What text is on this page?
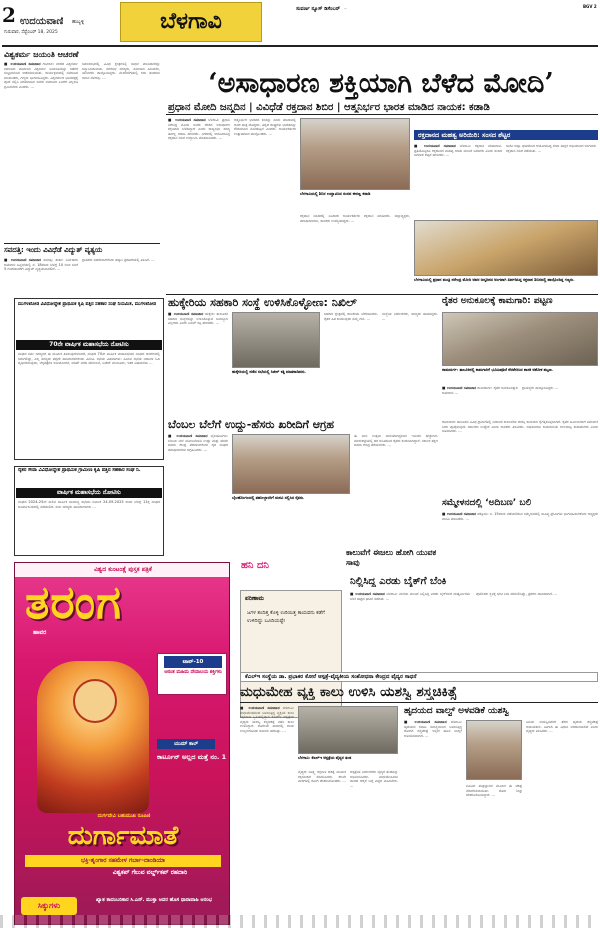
2 ಉದಯವಾಣಿ ಹುಬ್ಬಳ್ಳಿ
ಗುರುವಾರ, ಸೆಪ್ಟೆಂಬರ್ 18, 2025	ಬೆಳಗಾವಿ	ಸುವರ್ಣ ನ್ಯೂಸ್ ಡಿಸೆಂಬರ್ ...	BGV 2
ವಿಶ್ವಕರ್ಮ ಜಯಂತಿ ಆಚರಣೆ
■ ಉದಯವಾಣಿ ಸಮಾಚಾರ ಗೋಕಾಕ: ನಗರದ ವಿಶ್ವಕರ್ಮ ಸಮಾಜದ ವತಿಯಿಂದ ವಿಶ್ವಕರ್ಮ ಜಯಂತಿಯನ್ನು ಸಡಗರ ಸಂಭ್ರಮದಿಂದ ಆಚರಿಸಲಾಯಿತು. ಕಾರ್ಯಕ್ರಮದಲ್ಲಿ ಸಮಾಜದ ಮುಖಂಡರು, ಗಣ್ಯರು ಭಾಗವಹಿಸಿದ್ದರು. ವಿಶ್ವಕರ್ಮರ ಭಾವಚಿತ್ರಕ್ಕೆ ಪೂಜೆ ಸಲ್ಲಿಸಿ ಮಾತನಾಡಿದ ಅವರು ಸಮಾಜದ ಏಳಿಗೆಗೆ ಎಲ್ಲರೂ ಶ್ರಮಿಸಬೇಕು ಎಂದರು. ...
ಸಮಾರಂಭದಲ್ಲಿ ವಿವಿಧ ಕ್ಷೇತ್ರಗಳಲ್ಲಿ ಸಾಧನೆ ಮಾಡಿದವರನ್ನು ಸನ್ಮಾನಿಸಲಾಯಿತು. ನಗರಸಭೆ ಸದಸ್ಯರು, ಸಮಾಜದ ಹಿರಿಯರು, ಯುವಕರು ಪಾಲ್ಗೊಂಡಿದ್ದರು. ಮೆರವಣಿಗೆಯಲ್ಲಿ ಕಲಾ ತಂಡಗಳು ಗಮನ ಸೆಳೆದವು. ...
ಸವದತ್ತಿ: ಇಂದು ವಿವಿಧೆಡೆ ವಿದ್ಯುತ್ ವ್ಯತ್ಯಯ
■ ಉದಯವಾಣಿ ಸಮಾಚಾರ ಸವದತ್ತಿ: ತುರ್ತು ನಿರ್ವಹಣಾ ಕಾಮಗಾರಿ ಹಿನ್ನೆಲೆಯಲ್ಲಿ ಸೆ. 18ರಂದು ಬೆಳಗ್ಗೆ 10 ರಿಂದ ಸಂಜೆ 5 ಗಂಟೆಯವರೆಗೆ ವಿದ್ಯುತ್ ವ್ಯತ್ಯಯವಾಗಲಿದೆ. ...
ಗ್ರಾಹಕರು ಸಹಕರಿಸಬೇಕೆಂದು ಹೆಸ್ಕಾಂ ಪ್ರಕಟಣೆಯಲ್ಲಿ ತಿಳಿಸಿದೆ. ...
ಮುಗಳಖೋಡ ವಿವಿಧೋದ್ದೇಶ ಪ್ರಾಥಮಿಕ ಕೃಷಿ ಪತ್ತಿನ ಸಹಕಾರ ಸಂಘ ನಿಯಮಿತ, ಮುಗಳಖೋಡ
70ನೇ ವಾರ್ಷಿಕ ಮಹಾಸಭೆಯ ನೋಟಿಸು
ಸಂಘದ ಸರ್ವ ಸದಸ್ಯರಿಗೆ ಈ ಮೂಲಕ ತಿಳಿಸುವುದೇನೆಂದರೆ, ಸಂಘದ 70ನೇ ವಾರ್ಷಿಕ ಮಹಾಸಭೆಯು ಸಂಘದ ಆವರಣದಲ್ಲಿ ಜರುಗಲಿದ್ದು, ಎಲ್ಲ ಸದಸ್ಯರು ತಪ್ಪದೇ ಹಾಜರಾಗಬೇಕೆಂದು ವಿನಂತಿ. ಸಭೆಯ ವಿಷಯಗಳು: ಹಿಂದಿನ ಸಭೆಯ ನಡಾವಳಿ ಓದಿ ದೃಢೀಕರಿಸುವುದು, ಲೆಕ್ಕಪತ್ರಗಳ ಅನುಮೋದನೆ, ಆಡಿಟ್ ವರದಿ ಪರಿಶೀಲನೆ, ಬಜೆಟ್ ಮಂಜೂರು, ಇತರ ವಿಷಯಗಳು ...
ರೈತರ ಸೇವಾ ವಿವಿಧೋದ್ದೇಶ ಪ್ರಾಥಮಿಕ ಗ್ರಾಮೀಣ ಕೃಷಿ ಪತ್ತಿನ ಸಹಕಾರ ಸಂಘ ನಿ.
ವಾರ್ಷಿಕ ಮಹಾಸಭೆಯ ನೋಟಿಸು
ಸಂಘದ 2024-25ನೇ ಸಾಲಿನ ವಾರ್ಷಿಕ ಸಾಮಾನ್ಯ ಸಭೆಯು ದಿನಾಂಕ 24.09.2025 ರಂದು ಬೆಳಗ್ಗೆ 11ಕ್ಕೆ ಸಂಘದ ಕಾರ್ಯಾಲಯದಲ್ಲಿ ನಡೆಯಲಿದೆ. ಸರ್ವ ಸದಸ್ಯರು ಹಾಜರಾಗಬೇಕು ...
‘ಅಸಾಧಾರಣ ಶಕ್ತಿಯಾಗಿ ಬೆಳೆದ ಮೋದಿ’
ಪ್ರಧಾನ ಮೋದಿ ಜನ್ಮದಿನ | ವಿವಿಧೆಡೆ ರಕ್ತದಾನ ಶಿಬಿರ | ಆತ್ಮನಿರ್ಭರ ಭಾರತ ಮಾಡಿದ ನಾಯಕ: ಕಡಾಡಿ
■ ಉದಯವಾಣಿ ಸಮಾಚಾರ ಬೆಳಗಾವಿ: ಪ್ರಧಾನಿ ನರೇಂದ್ರ ಮೋದಿ ಅವರು ದೇಶದ ಅಸಾಧಾರಣ ಶಕ್ತಿಯಾಗಿ ಬೆಳೆದಿದ್ದಾರೆ ಎಂದು ರಾಜ್ಯಸಭಾ ಸದಸ್ಯ ಈರಣ್ಣ ಕಡಾಡಿ ಹೇಳಿದರು. ನಗರದಲ್ಲಿ ಆಯೋಜಿಸಿದ್ದ ರಕ್ತದಾನ ಶಿಬಿರ ಉದ್ಘಾಟಿಸಿ ಮಾತನಾಡಿದರು. ...
ಆತ್ಮನಿರ್ಭರ ಭಾರತದ ಕನಸನ್ನು ನನಸು ಮಾಡುವಲ್ಲಿ ಅವರ ಪಾತ್ರ ದೊಡ್ಡದು. ವಿಶ್ವದ ರಾಷ್ಟ್ರಗಳು ಭಾರತವನ್ನು ಗೌರವದಿಂದ ನೋಡುತ್ತಿವೆ ಎಂದರು. ಕಾರ್ಯಕರ್ತರು ಉತ್ಸಾಹದಿಂದ ಪಾಲ್ಗೊಂಡರು. ...
ಬೆಳಗಾವಿಯಲ್ಲಿ ಶಿಬಿರ ಉದ್ಘಾಟಿಸಿದ ಸಂಸದ ಈರಣ್ಣ ಕಡಾಡಿ
ರಕ್ತದಾನ ಶಿಬಿರದಲ್ಲಿ ನೂರಾರು ಕಾರ್ಯಕರ್ತರು ರಕ್ತದಾನ ಮಾಡಿದರು. ಜಿಲ್ಲಾಧ್ಯಕ್ಷರು, ಪದಾಧಿಕಾರಿಗಳು, ಶಾಸಕರು ಉಪಸ್ಥಿತರಿದ್ದರು. ...
ರಕ್ತದಾನದ ಮಹತ್ವ ಅರಿಯಿರಿ: ಸಂಸದ ಶೆಟ್ಟರ
■ ಉದಯವಾಣಿ ಸಮಾಚಾರ ಬೆಳಗಾವಿ: ರಕ್ತದಾನ ಮಹಾದಾನ. ಪ್ರತಿಯೊಬ್ಬರೂ ರಕ್ತದಾನದ ಮಹತ್ವ ಅರಿತು ಮುಂದೆ ಬರಬೇಕು ಎಂದು ಸಂಸದ ಜಗದೀಶ ಶೆಟ್ಟರ ಹೇಳಿದರು. ...
ಬಿಜೆಪಿ ಜಿಲ್ಲಾ ಘಟಕದಿಂದ ಆಯೋಜಿಸಿದ್ದ ಸೇವಾ ಪಾಕ್ಷಿಕ ಅಭಿಯಾನದ ಅಂಗವಾಗಿ ರಕ್ತದಾನ ಶಿಬಿರ ನಡೆಯಿತು. ...
ಬೆಳಗಾವಿಯಲ್ಲಿ ಪ್ರಧಾನ ಮಂತ್ರಿ ನರೇಂದ್ರ ಮೋದಿ ಅವರ ಜನ್ಮದಿನದ ಅಂಗವಾಗಿ ಏರ್ಪಡಿಸಿದ್ದ ರಕ್ತದಾನ ಶಿಬಿರದಲ್ಲಿ ಪಾಲ್ಗೊಂಡಿದ್ದ ಗಣ್ಯರು.
ಹುಕ್ಕೇರಿಯ ಸಹಕಾರಿ ಸಂಸ್ಥೆ ಉಳಿಸಿಕೊಳ್ಳೋಣ: ನಿಖಿಲ್
■ ಉದಯವಾಣಿ ಸಮಾಚಾರ ಹುಕ್ಕೇರಿ: ತಾಲೂಕಿನ ಸಹಕಾರಿ ಸಂಸ್ಥೆಗಳನ್ನು ಉಳಿಸಿಕೊಳ್ಳುವ ಜವಾಬ್ದಾರಿ ಎಲ್ಲರದು ಎಂದು ನಿಖಿಲ್ ಕತ್ತಿ ಹೇಳಿದರು. ...
ಹುಕ್ಕೇರಿಯಲ್ಲಿ ನಡೆದ ಸಭೆಯಲ್ಲಿ ನಿಖಿಲ್ ಕತ್ತಿ ಮಾತನಾಡಿದರು.
ಸಹಕಾರಿ ಕ್ಷೇತ್ರದಲ್ಲಿ ರಾಜಕೀಯ ಬೆರೆಸಬಾರದು. ರೈತರ ಹಿತ ಕಾಯುವುದು ನಮ್ಮ ಗುರಿ. ...
ಸಂಸ್ಥೆಯ ನಿರ್ದೇಶಕರು, ಸದಸ್ಯರು ಹಾಜರಿದ್ದರು. ...
ರೈತರ ಅನುಕೂಲಕ್ಕೆ ಕಾಮಗಾರಿ: ಪಟ್ಟಣ
ರಾಮದುರ್ಗ: ತಾಲೂಕಿನಲ್ಲಿ ಕಾಮಗಾರಿಗೆ ಭೂಮಿಪೂಜೆ ನೆರವೇರಿಸಿದ ಶಾಸಕ ಅಶೋಕ ಪಟ್ಟಣ.
■ ಉದಯವಾಣಿ ಸಮಾಚಾರ ರಾಮದುರ್ಗ: ರೈತರ ಅನುಕೂಲಕ್ಕಾಗಿ ಕಾಮಗಾರಿ ...
ಗ್ರಾಮಸ್ಥರು ಪಾಲ್ಗೊಂಡಿದ್ದರು ...
ಬೆಂಬಲ ಬೆಲೆಗೆ ಉದ್ದು-ಹೆಸರು ಖರೀದಿಗೆ ಆಗ್ರಹ
■ ಉದಯವಾಣಿ ಸಮಾಚಾರ ಬೈಲಹೊಂಗಲ: ಬೆಂಬಲ ಬೆಲೆ ಯೋಜನೆಯಡಿ ಉದ್ದು ಮತ್ತು ಹೆಸರು ಖರೀದಿ ಕೇಂದ್ರ ತೆರೆಯಬೇಕೆಂದು ರೈತ ಸಂಘದ ಪದಾಧಿಕಾರಿಗಳು ಆಗ್ರಹಿಸಿದರು. ...
ಬೈಲಹೊಂಗಲದಲ್ಲಿ ತಹಸೀಲ್ದಾರರಿಗೆ ಮನವಿ ಸಲ್ಲಿಸಿದ ರೈತರು.
ಈ ಬಾರಿ ಉತ್ತಮ ಮಳೆಯಾಗಿದ್ದರಿಂದ ಇಳುವರಿ ಹೆಚ್ಚಾಗಿದೆ. ಮಾರುಕಟ್ಟೆಯಲ್ಲಿ ದರ ಕುಸಿತದಿಂದ ರೈತರು ಕಂಗಾಲಾಗಿದ್ದಾರೆ. ಸರ್ಕಾರ ತಕ್ಷಣ ಖರೀದಿ ಕೇಂದ್ರ ತೆರೆಯಬೇಕು. ...
ರಾಮದುರ್ಗ ತಾಲೂಕಿನ ವಿವಿಧ ಗ್ರಾಮಗಳಲ್ಲಿ ನೀರಾವರಿ ಕಾಲುವೆಗಳ ದುರಸ್ತಿ ಕಾಮಗಾರಿ ಕೈಗೆತ್ತಿಕೊಳ್ಳಲಾಗಿದೆ. ರೈತರ ಜಮೀನುಗಳಿಗೆ ಸಮರ್ಪಕ ನೀರು ಪೂರೈಸುವುದು ಸರ್ಕಾರದ ಉದ್ದೇಶ ಎಂದು ಶಾಸಕರು ತಿಳಿಸಿದರು. ಅಧಿಕಾರಿಗಳು ಕಾಮಗಾರಿಯ ಗುಣಮಟ್ಟ ಕಾಪಾಡಬೇಕು ಎಂದು ಸೂಚಿಸಿದರು. ...
ಸಮ್ಮೇಳನದಲ್ಲಿ ‘ಅದಿಬಣ’ ಬಲಿ
■ ಉದಯವಾಣಿ ಸಮಾಚಾರ ಚಿಕ್ಕೋಡಿ: ನ. 15ರಂದು ನಡೆಯಲಿರುವ ಸಮ್ಮೇಳನದಲ್ಲಿ ಸಾಹಿತ್ಯ ಪ್ರೇಮಿಗಳು ಭಾಗವಹಿಸಬೇಕೆಂದು ಅಧ್ಯಕ್ಷರು ಮನವಿ ಮಾಡಿದರು. ...
ನಿಲ್ಲಿಸಿದ್ದ ಎರಡು ಬೈಕ್‌ಗೆ ಬೆಂಕಿ
■ ಉದಯವಾಣಿ ಸಮಾಚಾರ ಬೆಳಗಾವಿ: ಮನೆಯ ಮುಂದೆ ನಿಲ್ಲಿಸಿದ್ದ ಎರಡು ಬೈಕ್‌ಗಳಿಗೆ ದುಷ್ಕರ್ಮಿಗಳು ಬೆಂಕಿ ಹಚ್ಚಿದ ಘಟನೆ ನಡೆದಿದೆ. ...
ಪೊಲೀಸರು ಸ್ಥಳಕ್ಕೆ ಭೇಟಿ ನೀಡಿ ಪರಿಶೀಲಿಸಿದ್ದು, ಪ್ರಕರಣ ದಾಖಲಾಗಿದೆ. ...
ಕಾಲುವೆಗೆ ಈಜಲು ಹೋಗಿ ಯುವಕ ಸಾವು
ಹನಿ ದನಿ
ಪರಿಣಾಮ
ಜಗಳ ತಂದಿತ್ತ ಕೊಳ್ಳಿ ಉರಿಯಿತ್ತ ಕಾಯವನು ಕಡೆಗೆ ಉಳಿದಿದ್ದು ಬೂದಿಯಷ್ಟೇ
ವಿಶ್ವದ ಕುಂಟಂತ್ಲೆ ಪುಸ್ತಕ ಪತ್ರಿಕೆ
ತರಂಗ
ಹಾವರ
ಟಾಪ್-10
ಅನಂತ ಮಹಿಮ ದೇವಾಲಯ ಶಕ್ತಿಗಳು
ಯುಮ್ ಕಾಲ್
ಕಾರ್ಟೂನ್ ಅಲ್ಲದ ಮತ್ತೆ ನಂ. 1
ದುರ್ಗದೇವಿ ಬಹುಮುಖ ರೂಪಿಣಿ
ದುರ್ಗಾಮಾತೆ
ಭಕ್ತಿ-ಶೃಂಗಾರ ಸಹಮೇಳ ಗರ್ಬಾ-ದಾಂಡಿಯಾ
ವಿಶ್ವಕಪ್ ಗೆಲುವ ವರ್ಲ್ಡ್‌ಕಪ್ ರಹದಾರಿ
ಸಿಕ್ಕುಗಳು
ಖ್ಯಾತ ಕಾದಂಬರಿಕಾರ ಸಿ.ಎನ್. ಮುಕ್ತಾ ಅವರ ಹೊಸ ಧಾರಾವಾಹಿ ಆರಂಭ
ಕೆಎಲ್‌ಇ ಸಂಸ್ಥೆಯ ಡಾ. ಪ್ರಭಾಕರ ಕೋರೆ ಆಸ್ಪತ್ರೆ-ವೈದ್ಯಕೀಯ ಸಂಶೋಧನಾ ಕೇಂದ್ರದ ವೈದ್ಯರ ಸಾಧನೆ
ಮಧುಮೇಹ ವ್ಯಕ್ತಿ ಕಾಲು ಉಳಿಸಿ ಯಶಸ್ವಿ ಶಸ್ತ್ರಚಿಕಿತ್ಸೆ
■ ಉದಯವಾಣಿ ಸಮಾಚಾರ ಬೆಳಗಾವಿ: ಮಧುಮೇಹದಿಂದ ಬಳಲುತ್ತಿದ್ದ ವ್ಯಕ್ತಿಯ ಕಾಲು ಕತ್ತರಿಸುವ ಸ್ಥಿತಿಯಲ್ಲಿದ್ದಾಗ ಕೆಎಲ್‌ಇ ಆಸ್ಪತ್ರೆಯ ವೈದ್ಯರು ಯಶಸ್ವಿ ಶಸ್ತ್ರಚಿಕಿತ್ಸೆ ನಡೆಸಿ ಕಾಲು ಉಳಿಸಿದ್ದಾರೆ. ರೋಗಿಯ ಪಾದದಲ್ಲಿ ಗಾಯ ಉಲ್ಬಣಗೊಂಡು ಸೋಂಕು ಹರಡಿತ್ತು. ...
ಬೆಳಗಾವಿ: ಕೆಎಲ್‌ಇ ಆಸ್ಪತ್ರೆಯ ವೈದ್ಯರ ತಂಡ
ವೈದ್ಯರು ಸೂಕ್ಷ್ಮ ರಕ್ತನಾಳ ಚಿಕಿತ್ಸೆ ಮೂಲಕ ರಕ್ತಸಂಚಾರ ಸರಿಪಡಿಸಿದರು. ಕೆಲವೇ ವಾರಗಳಲ್ಲಿ ರೋಗಿ ಚೇತರಿಸಿಕೊಂಡರು. ...
ಆಸ್ಪತ್ರೆಯ ನಿರ್ದೇಶಕರು ವೈದ್ಯರ ತಂಡವನ್ನು ಅಭಿನಂದಿಸಿದರು. ಮಧುಮೇಹಿಗಳು ಪಾದದ ಆರೈಕೆ ಬಗ್ಗೆ ಎಚ್ಚರ ವಹಿಸಬೇಕು. ...
ಹೃದಯದ ವಾಲ್ವ್ ಅಳವಡಿಕೆ ಯಶಸ್ವಿ
■ ಉದಯವಾಣಿ ಸಮಾಚಾರ ಬೆಳಗಾವಿ: ಹೃದಯದ ಕವಾಟ ಸಮಸ್ಯೆಯಿಂದ ಬಳಲುತ್ತಿದ್ದ ರೋಗಿಗೆ ಶಸ್ತ್ರಚಿಕಿತ್ಸೆ ಇಲ್ಲದೆ ಹೊಸ ವಾಲ್ವ್ ಅಳವಡಿಸಲಾಗಿದೆ. ...
ಟಿಎವಿಐ ತಂತ್ರಜ್ಞಾನದ ಮೂಲಕ ಈ ಚಿಕಿತ್ಸೆ ನೆರವೇರಿಸಲಾಯಿತು. ರೋಗಿ ಶೀಘ್ರ ಚೇತರಿಸಿಕೊಂಡಿದ್ದಾರೆ. ...
ಹಿರಿಯ ವಯಸ್ಸಿನವರಿಗೆ ತೆರೆದ ಹೃದಯ ಶಸ್ತ್ರಚಿಕಿತ್ಸೆ ಅಪಾಯಕಾರಿ. ಹೀಗಾಗಿ ಈ ವಿಧಾನ ವರದಾನವಾಗಿದೆ ಎಂದು ವೈದ್ಯರು ತಿಳಿಸಿದರು. ...
